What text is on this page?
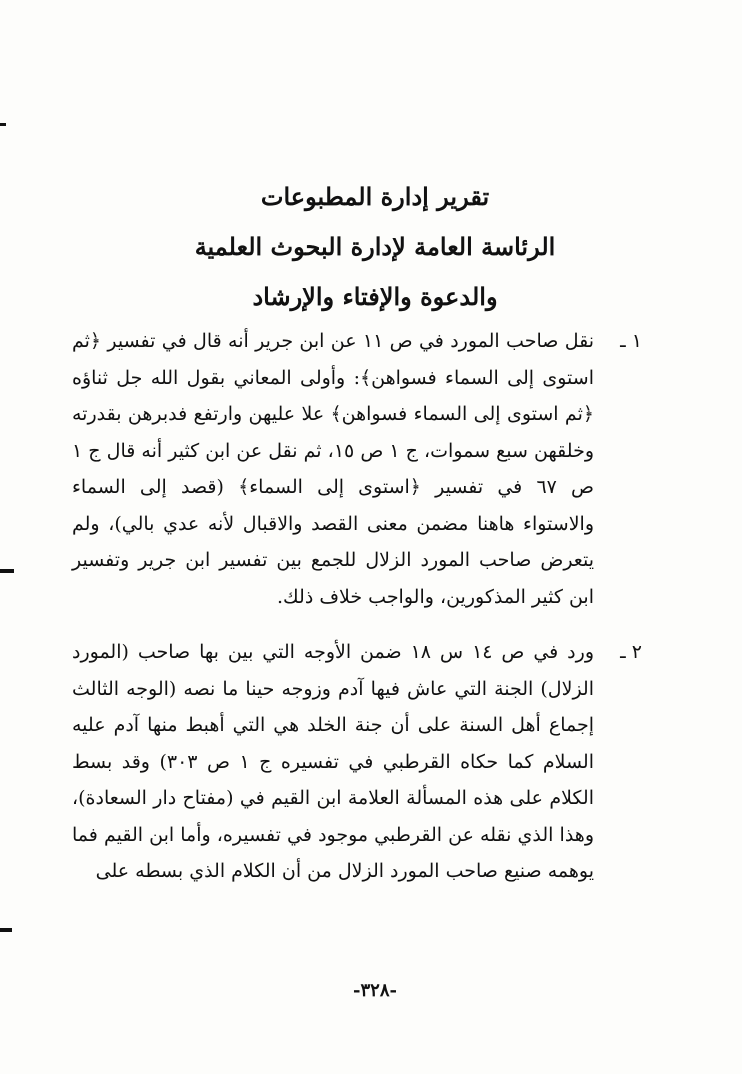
تقرير إدارة المطبوعات
الرئاسة العامة لإدارة البحوث العلمية
والدعوة والإفتاء والإرشاد
١ ـ
نقل صاحب المورد في ص ١١ عن ابن جرير أنه قال في تفسير ﴿ثم استوى إلى السماء فسواهن﴾: وأولى المعاني بقول الله جل ثناؤه ﴿ثم استوى إلى السماء فسواهن﴾ علا عليهن وارتفع فدبرهن بقدرته وخلقهن سبع سموات، ج ١ ص ١٥، ثم نقل عن ابن كثير أنه قال ج ١ ص ٦٧ في تفسير ﴿استوى إلى السماء﴾ (قصد إلى السماء والاستواء هاهنا مضمن معنى القصد والاقبال لأنه عدي بالي)، ولم يتعرض صاحب المورد الزلال للجمع بين تفسير ابن جرير وتفسير ابن كثير المذكورين، والواجب خلاف ذلك.
٢ ـ
ورد في ص ١٤ س ١٨ ضمن الأوجه التي بين بها صاحب (المورد الزلال) الجنة التي عاش فيها آدم وزوجه حينا ما نصه (الوجه الثالث إجماع أهل السنة على أن جنة الخلد هي التي أهبط منها آدم عليه السلام كما حكاه القرطبي في تفسيره ج ١ ص ٣٠٣) وقد بسط الكلام على هذه المسألة العلامة ابن القيم في (مفتاح دار السعادة)، وهذا الذي نقله عن القرطبي موجود في تفسيره، وأما ابن القيم فما يوهمه صنيع صاحب المورد الزلال من أن الكلام الذي بسطه على
-٣٢٨-
